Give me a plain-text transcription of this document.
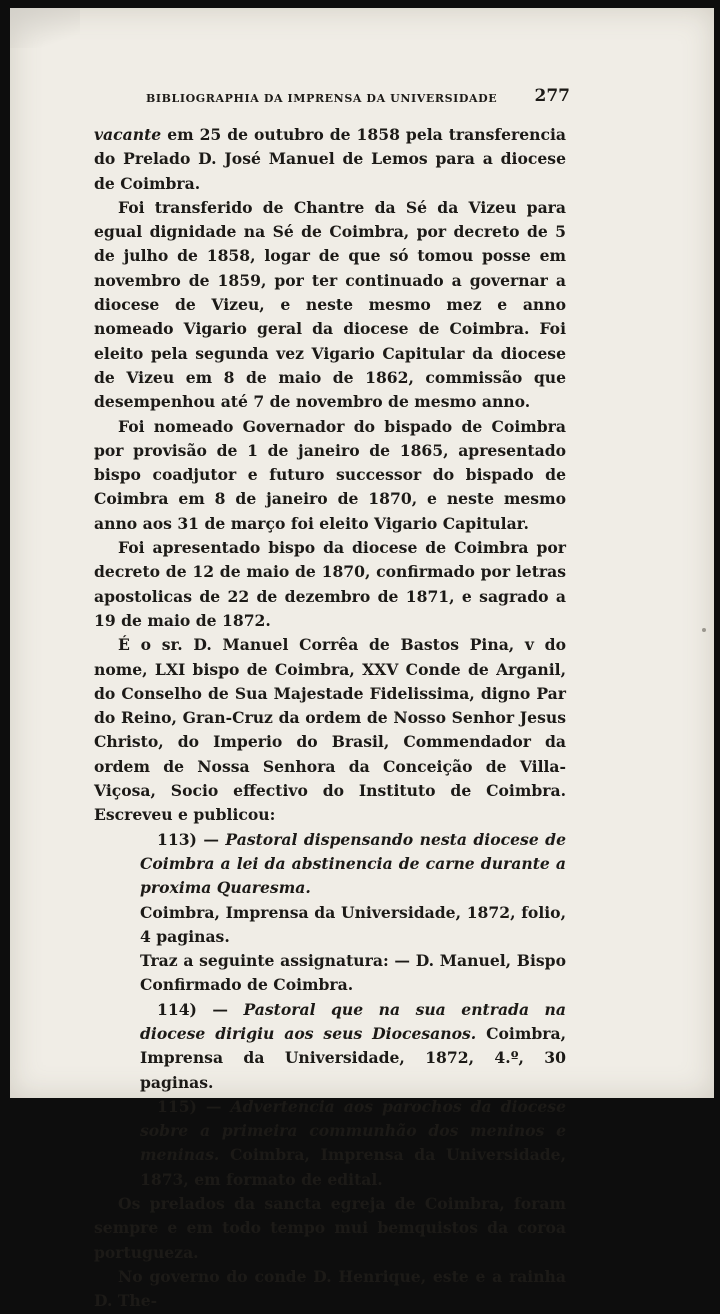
BIBLIOGRAPHIA DA IMPRENSA DA UNIVERSIDADE 277

vacante em 25 de outubro de 1858 pela transferencia do Prelado D. José Manuel de Lemos para a diocese de Coimbra.

Foi transferido de Chantre da Sé da Vizeu para egual dignidade na Sé de Coimbra, por decreto de 5 de julho de 1858, logar de que só tomou posse em novembro de 1859, por ter continuado a governar a diocese de Vizeu, e neste mesmo mez e anno nomeado Vigario geral da diocese de Coimbra. Foi eleito pela segunda vez Vigario Capitular da diocese de Vizeu em 8 de maio de 1862, commissão que desempenhou até 7 de novembro de mesmo anno.

Foi nomeado Governador do bispado de Coimbra por provisão de 1 de janeiro de 1865, apresentado bispo coadjutor e futuro successor do bispado de Coimbra em 8 de janeiro de 1870, e neste mesmo anno aos 31 de março foi eleito Vigario Capitular.

Foi apresentado bispo da diocese de Coimbra por decreto de 12 de maio de 1870, confirmado por letras apostolicas de 22 de dezembro de 1871, e sagrado a 19 de maio de 1872.

É o sr. D. Manuel Corrêa de Bastos Pina, v do nome, LXI bispo de Coimbra, XXV Conde de Arganil, do Conselho de Sua Majestade Fidelissima, digno Par do Reino, Gran-Cruz da ordem de Nosso Senhor Jesus Christo, do Imperio do Brasil, Commendador da ordem de Nossa Senhora da Conceição de Villa-Viçosa, Socio effectivo do Instituto de Coimbra. Escreveu e publicou:

113) — Pastoral dispensando nesta diocese de Coimbra a lei da abstinencia de carne durante a proxima Quaresma.
Coimbra, Imprensa da Universidade, 1872, folio, 4 paginas.
Traz a seguinte assignatura: — D. Manuel, Bispo Confirmado de Coimbra.
114) — Pastoral que na sua entrada na diocese dirigiu aos seus Diocesanos. Coimbra, Imprensa da Universidade, 1872, 4.º, 30 paginas.
115) — Advertencia aos parochos da diocese sobre a primeira communhão dos meninos e meninas. Coimbra, Imprensa da Universidade, 1873, em formato de edital.

Os prelados da sancta egreja de Coimbra, foram sempre e em todo tempo mui bemquistos da coroa portugueza.

No governo do conde D. Henrique, este e a rainha D. The-
